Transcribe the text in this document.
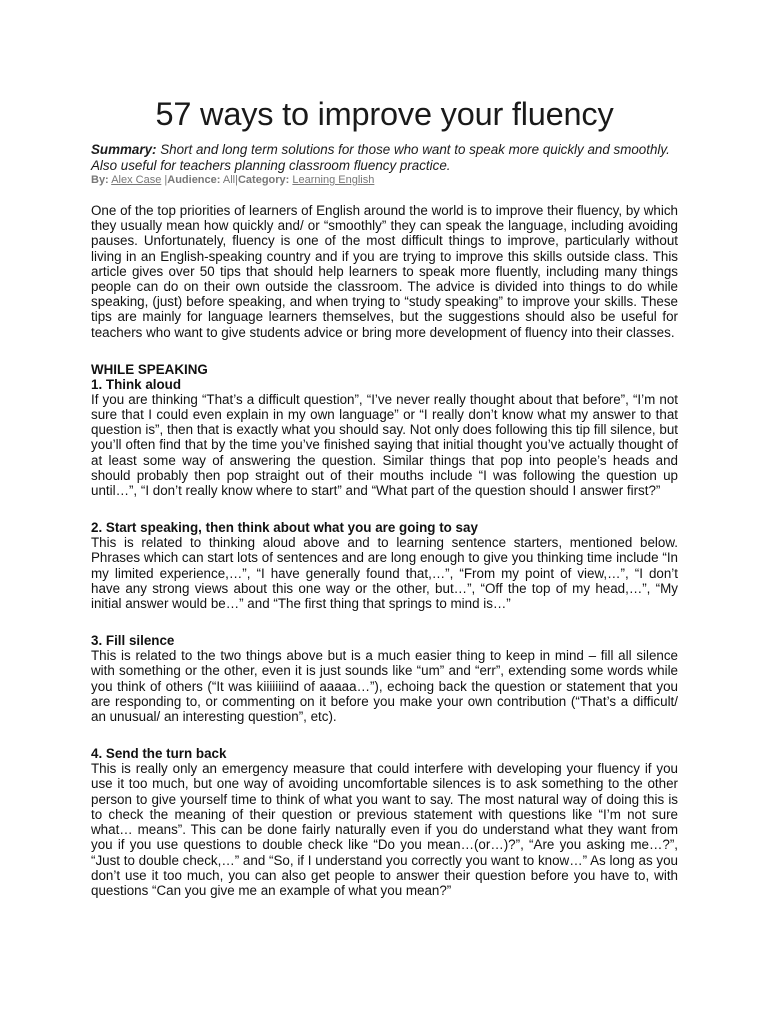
57 ways to improve your fluency

Summary: Short and long term solutions for those who want to speak more quickly and smoothly. Also useful for teachers planning classroom fluency practice.

By: Alex Case |Audience: All|Category: Learning English

One of the top priorities of learners of English around the world is to improve their fluency, by which they usually mean how quickly and/ or “smoothly” they can speak the language, including avoiding pauses. Unfortunately, fluency is one of the most difficult things to improve, particularly without living in an English-speaking country and if you are trying to improve this skills outside class. This article gives over 50 tips that should help learners to speak more fluently, including many things people can do on their own outside the classroom. The advice is divided into things to do while speaking, (just) before speaking, and when trying to “study speaking” to improve your skills. These tips are mainly for language learners themselves, but the suggestions should also be useful for teachers who want to give students advice or bring more development of fluency into their classes.

WHILE SPEAKING
1. Think aloud

If you are thinking “That’s a difficult question”, “I’ve never really thought about that before”, “I’m not sure that I could even explain in my own language” or “I really don’t know what my answer to that question is”, then that is exactly what you should say. Not only does following this tip fill silence, but you’ll often find that by the time you’ve finished saying that initial thought you’ve actually thought of at least some way of answering the question. Similar things that pop into people’s heads and should probably then pop straight out of their mouths include “I was following the question up until…”, “I don’t really know where to start” and “What part of the question should I answer first?”

2. Start speaking, then think about what you are going to say

This is related to thinking aloud above and to learning sentence starters, mentioned below. Phrases which can start lots of sentences and are long enough to give you thinking time include “In my limited experience,…”, “I have generally found that,…”, “From my point of view,…”, “I don’t have any strong views about this one way or the other, but…”, “Off the top of my head,…”, “My initial answer would be…” and “The first thing that springs to mind is…”

3. Fill silence

This is related to the two things above but is a much easier thing to keep in mind – fill all silence with something or the other, even it is just sounds like “um” and “err”, extending some words while you think of others (“It was kiiiiiiind of aaaaa…”), echoing back the question or statement that you are responding to, or commenting on it before you make your own contribution (“That’s a difficult/ an unusual/ an interesting question”, etc).

4. Send the turn back

This is really only an emergency measure that could interfere with developing your fluency if you use it too much, but one way of avoiding uncomfortable silences is to ask something to the other person to give yourself time to think of what you want to say. The most natural way of doing this is to check the meaning of their question or previous statement with questions like “I’m not sure what… means”. This can be done fairly naturally even if you do understand what they want from you if you use questions to double check like “Do you mean…(or…)?”, “Are you asking me…?”, “Just to double check,…” and “So, if I understand you correctly you want to know…” As long as you don’t use it too much, you can also get people to answer their question before you have to, with questions “Can you give me an example of what you mean?”
